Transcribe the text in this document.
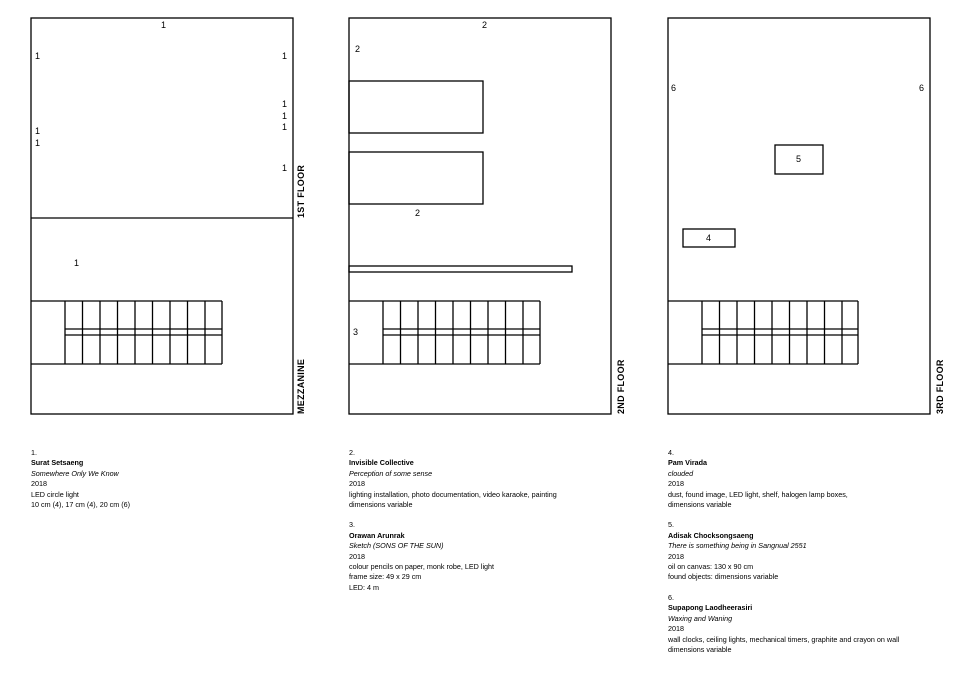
1
1	1
1
1
1
1
1
1
1
2
2
2
3
6	6
5
4
1ST FLOOR
MEZZANINE	2ND FLOOR	3RD FLOOR
1.
Surat Setsaeng
Somewhere Only We Know
2018
LED circle light
10 cm (4), 17 cm (4), 20 cm (6)
2.
Invisible Collective
Perception of some sense
2018
lighting installation, photo documentation, video karaoke, painting
dimensions variable
3.
Orawan Arunrak
Sketch (SONS OF THE SUN)
2018
colour pencils on paper, monk robe, LED light
frame size: 49 x 29 cm
LED: 4 m
4.
Pam Virada
clouded
2018
dust, found image, LED light, shelf, halogen lamp boxes,
dimensions variable
5.
Adisak Chocksongsaeng
There is something being in Sangnual 2551
2018
oil on canvas: 130 x 90 cm
found objects: dimensions variable
6.
Supapong Laodheerasiri
Waxing and Waning
2018
wall clocks, ceiling lights, mechanical timers, graphite and crayon on wall
dimensions variable
